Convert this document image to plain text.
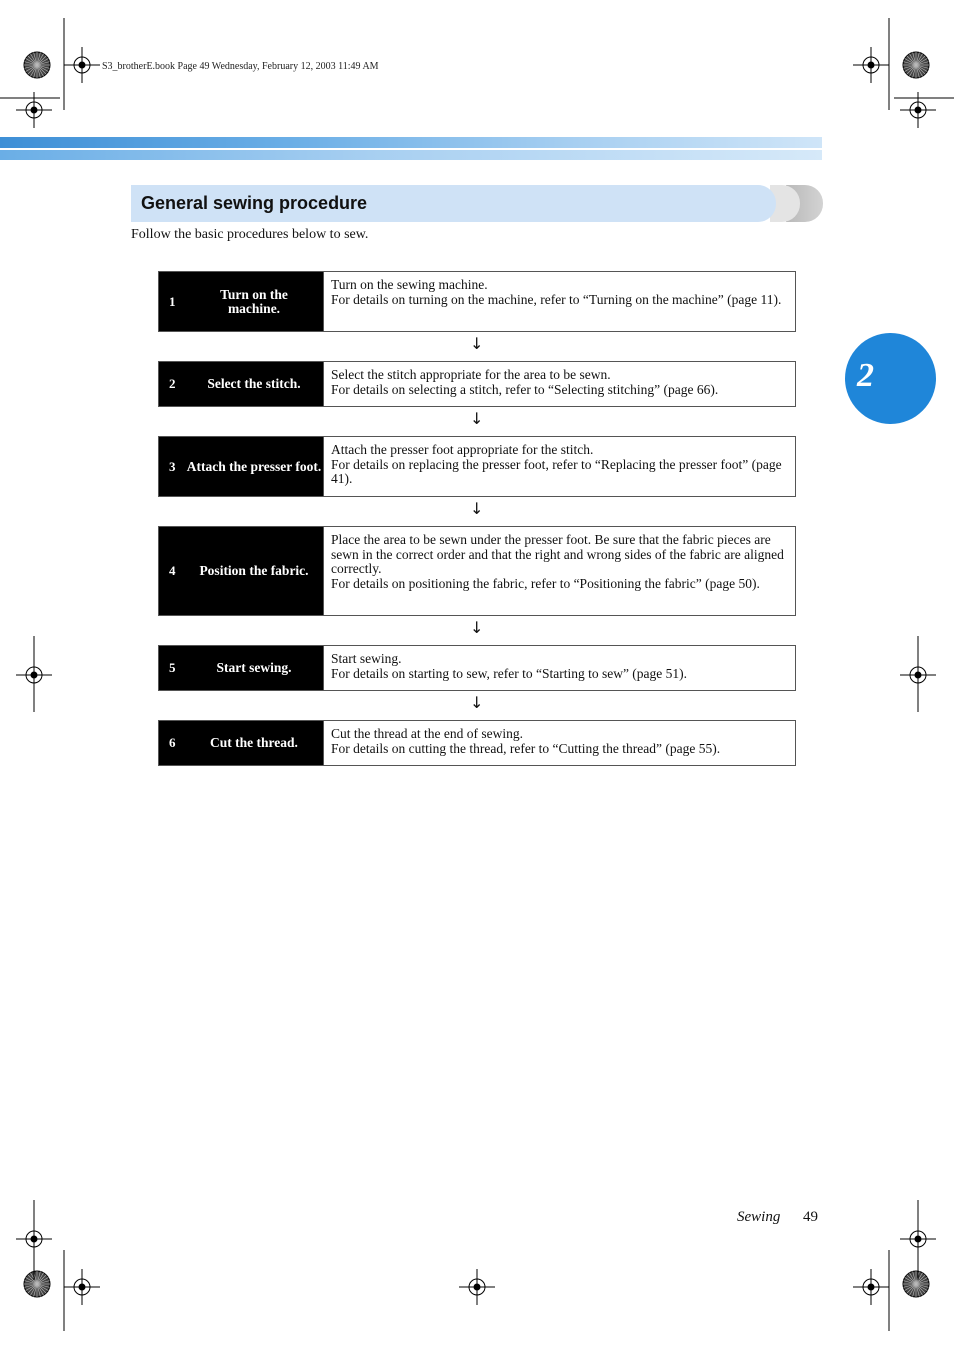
S3_brotherE.book Page 49 Wednesday, February 12, 2003 11:49 AM
General sewing procedure
Follow the basic procedures below to sew.
2
1	Turn on the machine.
Turn on the sewing machine.
For details on turning on the machine, refer to “Turning on the machine” (page 11).
↓
2	Select the stitch.
Select the stitch appropriate for the area to be sewn.
For details on selecting a stitch, refer to “Selecting stitching” (page 66).
↓
3 Attach the presser foot.
Attach the presser foot appropriate for the stitch.
For details on replacing the presser foot, refer to “Replacing the presser foot” (page 41).
↓
4	Position the fabric.
Place the area to be sewn under the presser foot. Be sure that the fabric pieces are sewn in the correct order and that the right and wrong sides of the fabric are aligned correctly.
For details on positioning the fabric, refer to “Positioning the fabric” (page 50).
↓
5	Start sewing.
Start sewing.
For details on starting to sew, refer to “Starting to sew” (page 51).
↓
6	Cut the thread.
Cut the thread at the end of sewing.
For details on cutting the thread, refer to “Cutting the thread” (page 55).
Sewing 49
